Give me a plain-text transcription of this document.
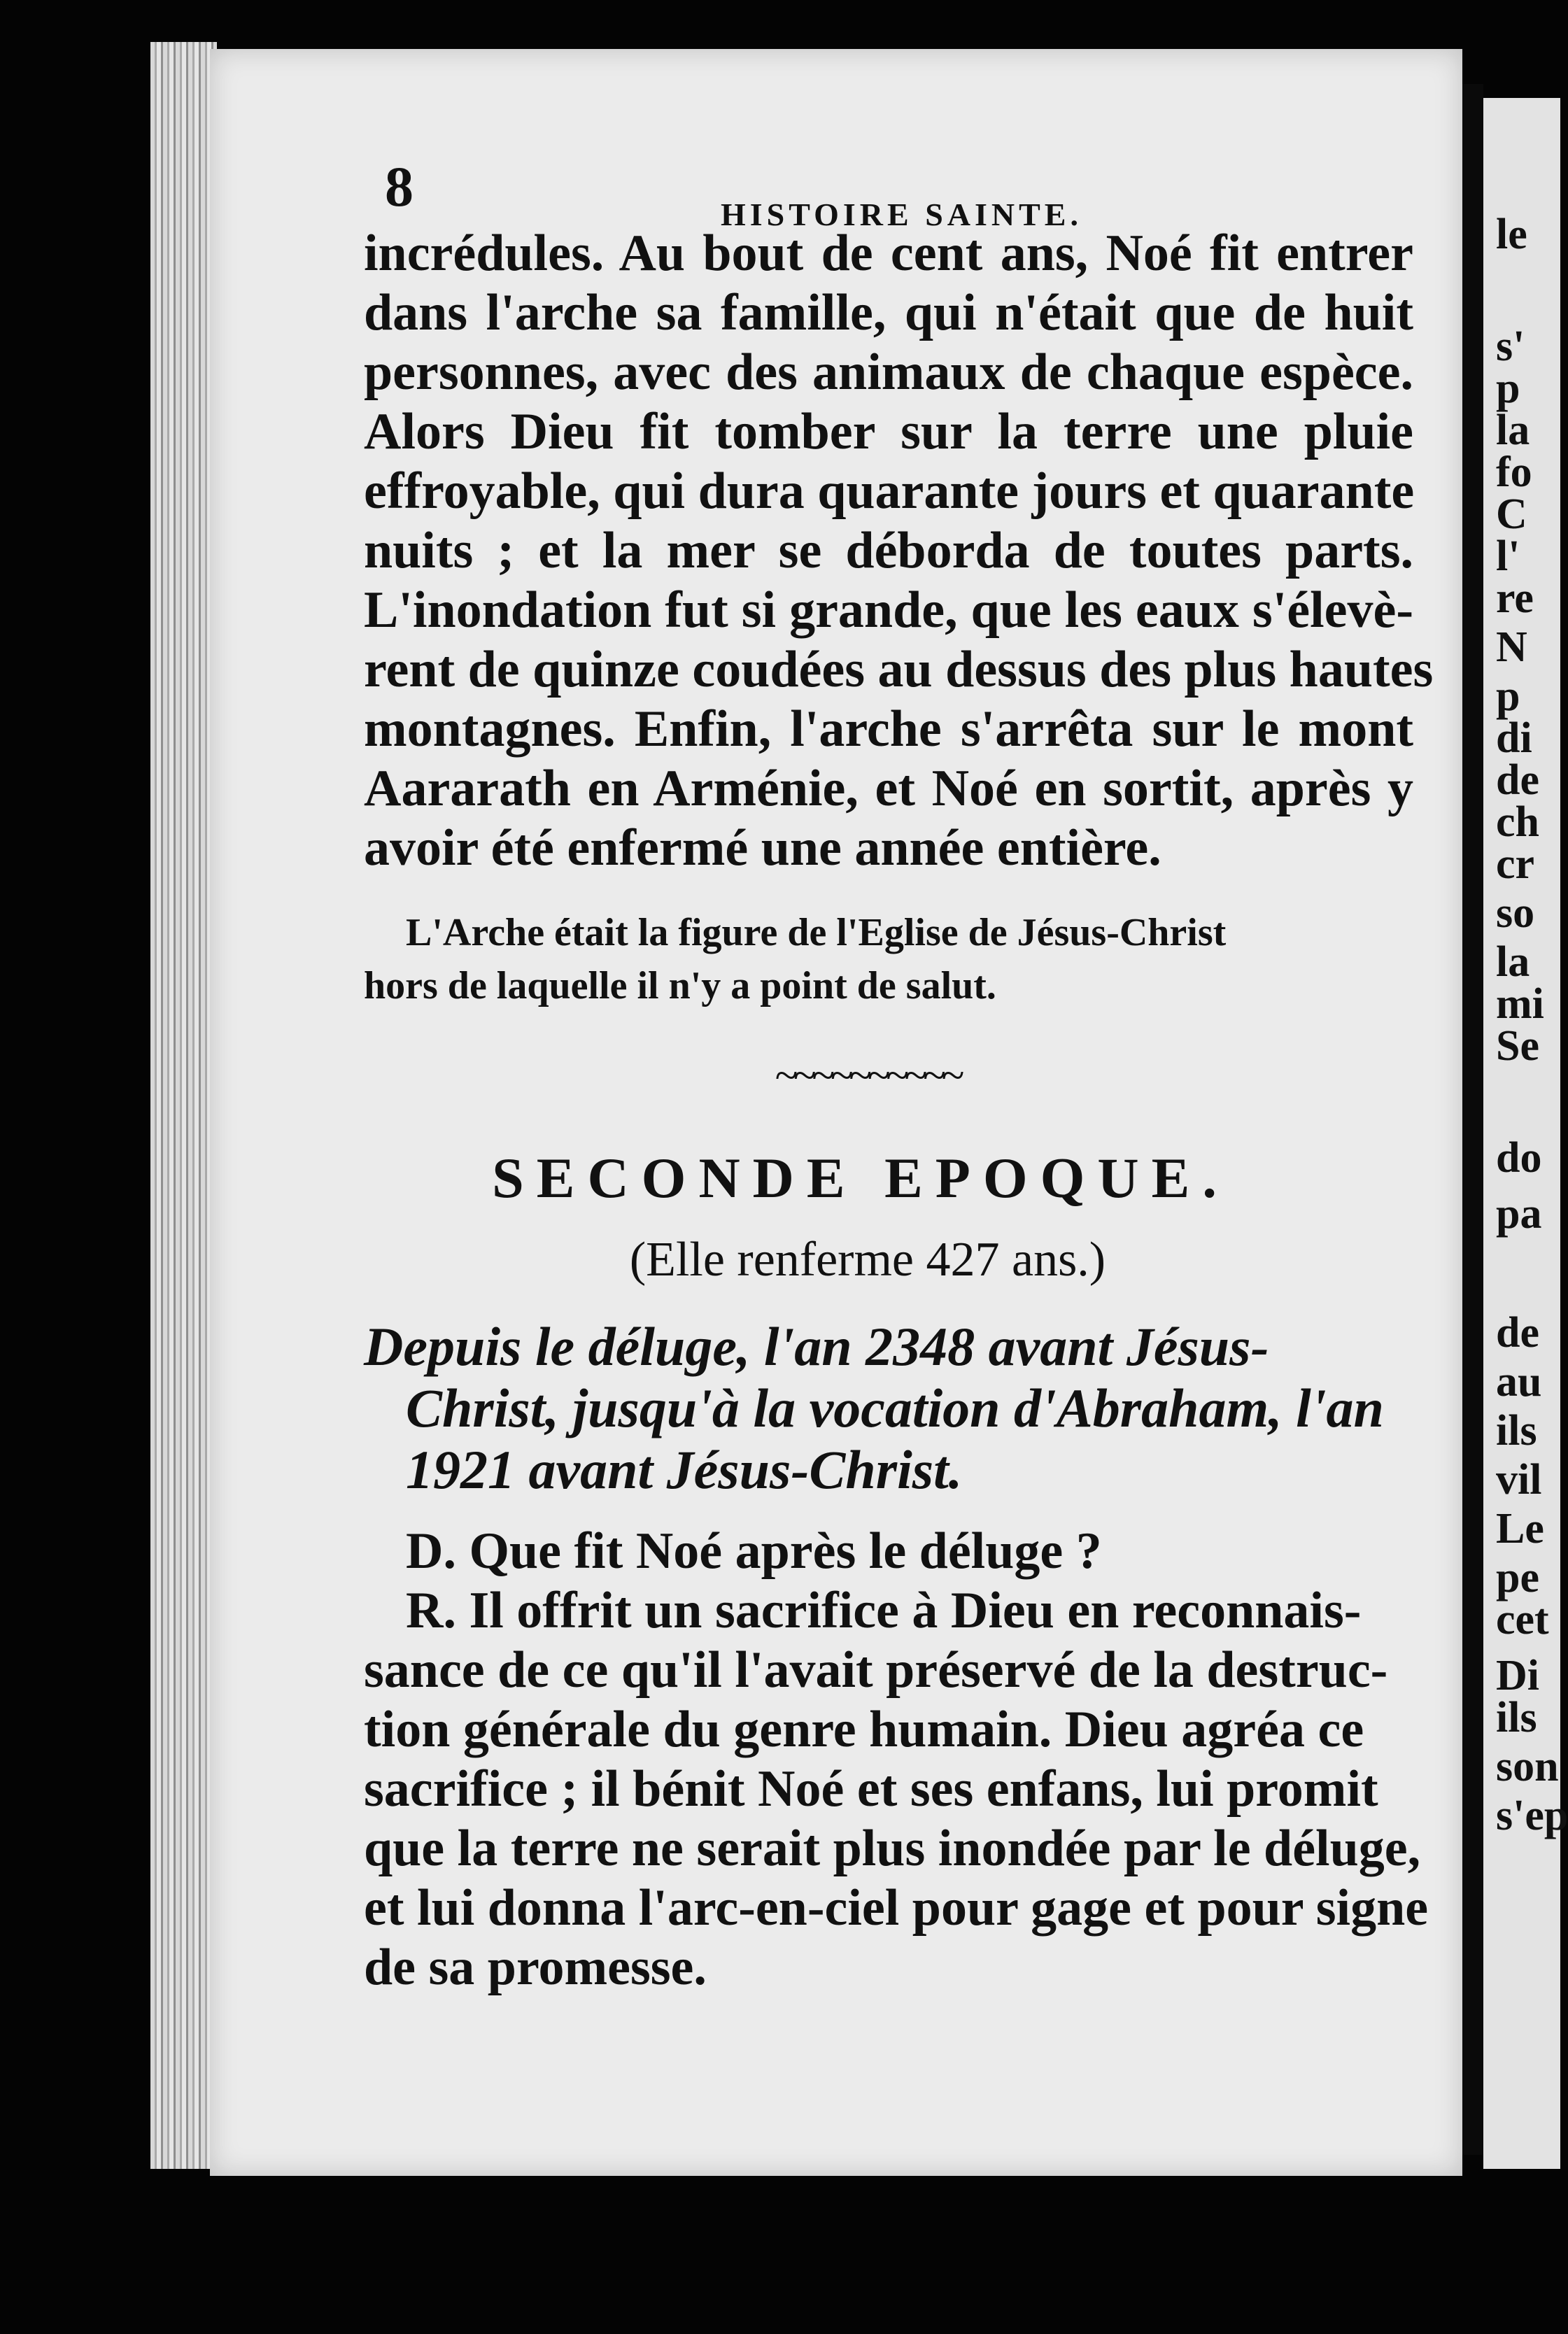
le
s'
p
la
fo
C
l'
re
N
p
di
de
ch
cr
so
la
mi
Se
do
pa
de
au
ils
vil
Le
pe
cet
Di
ils
son
s'ep
8	HISTOIRE SAINTE.

incrédules. Au bout de cent ans, Noé fit entrer
dans l'arche sa famille, qui n'était que de huit
personnes, avec des animaux de chaque espèce.
Alors Dieu fit tomber sur la terre une pluie
effroyable, qui dura quarante jours et quarante
nuits ; et la mer se déborda de toutes parts.
L'inondation fut si grande, que les eaux s'élevè-
rent de quinze coudées au dessus des plus hautes
montagnes. Enfin, l'arche s'arrêta sur le mont
Aararath en Arménie, et Noé en sortit, après y
avoir été enfermé une année entière.

L'Arche était la figure de l'Eglise de Jésus-Christ
hors de laquelle il n'y a point de salut.

~~~~~~~~~~
SECONDE EPOQUE.
(Elle renferme 427 ans.)

Depuis le déluge, l'an 2348 avant Jésus-
Christ, jusqu'à la vocation d'Abraham, l'an
1921 avant Jésus-Christ.

D. Que fit Noé après le déluge ?

R. Il offrit un sacrifice à Dieu en reconnais-
sance de ce qu'il l'avait préservé de la destruc-
tion générale du genre humain. Dieu agréa ce
sacrifice ; il bénit Noé et ses enfans, lui promit
que la terre ne serait plus inondée par le déluge,
et lui donna l'arc-en-ciel pour gage et pour signe
de sa promesse.
